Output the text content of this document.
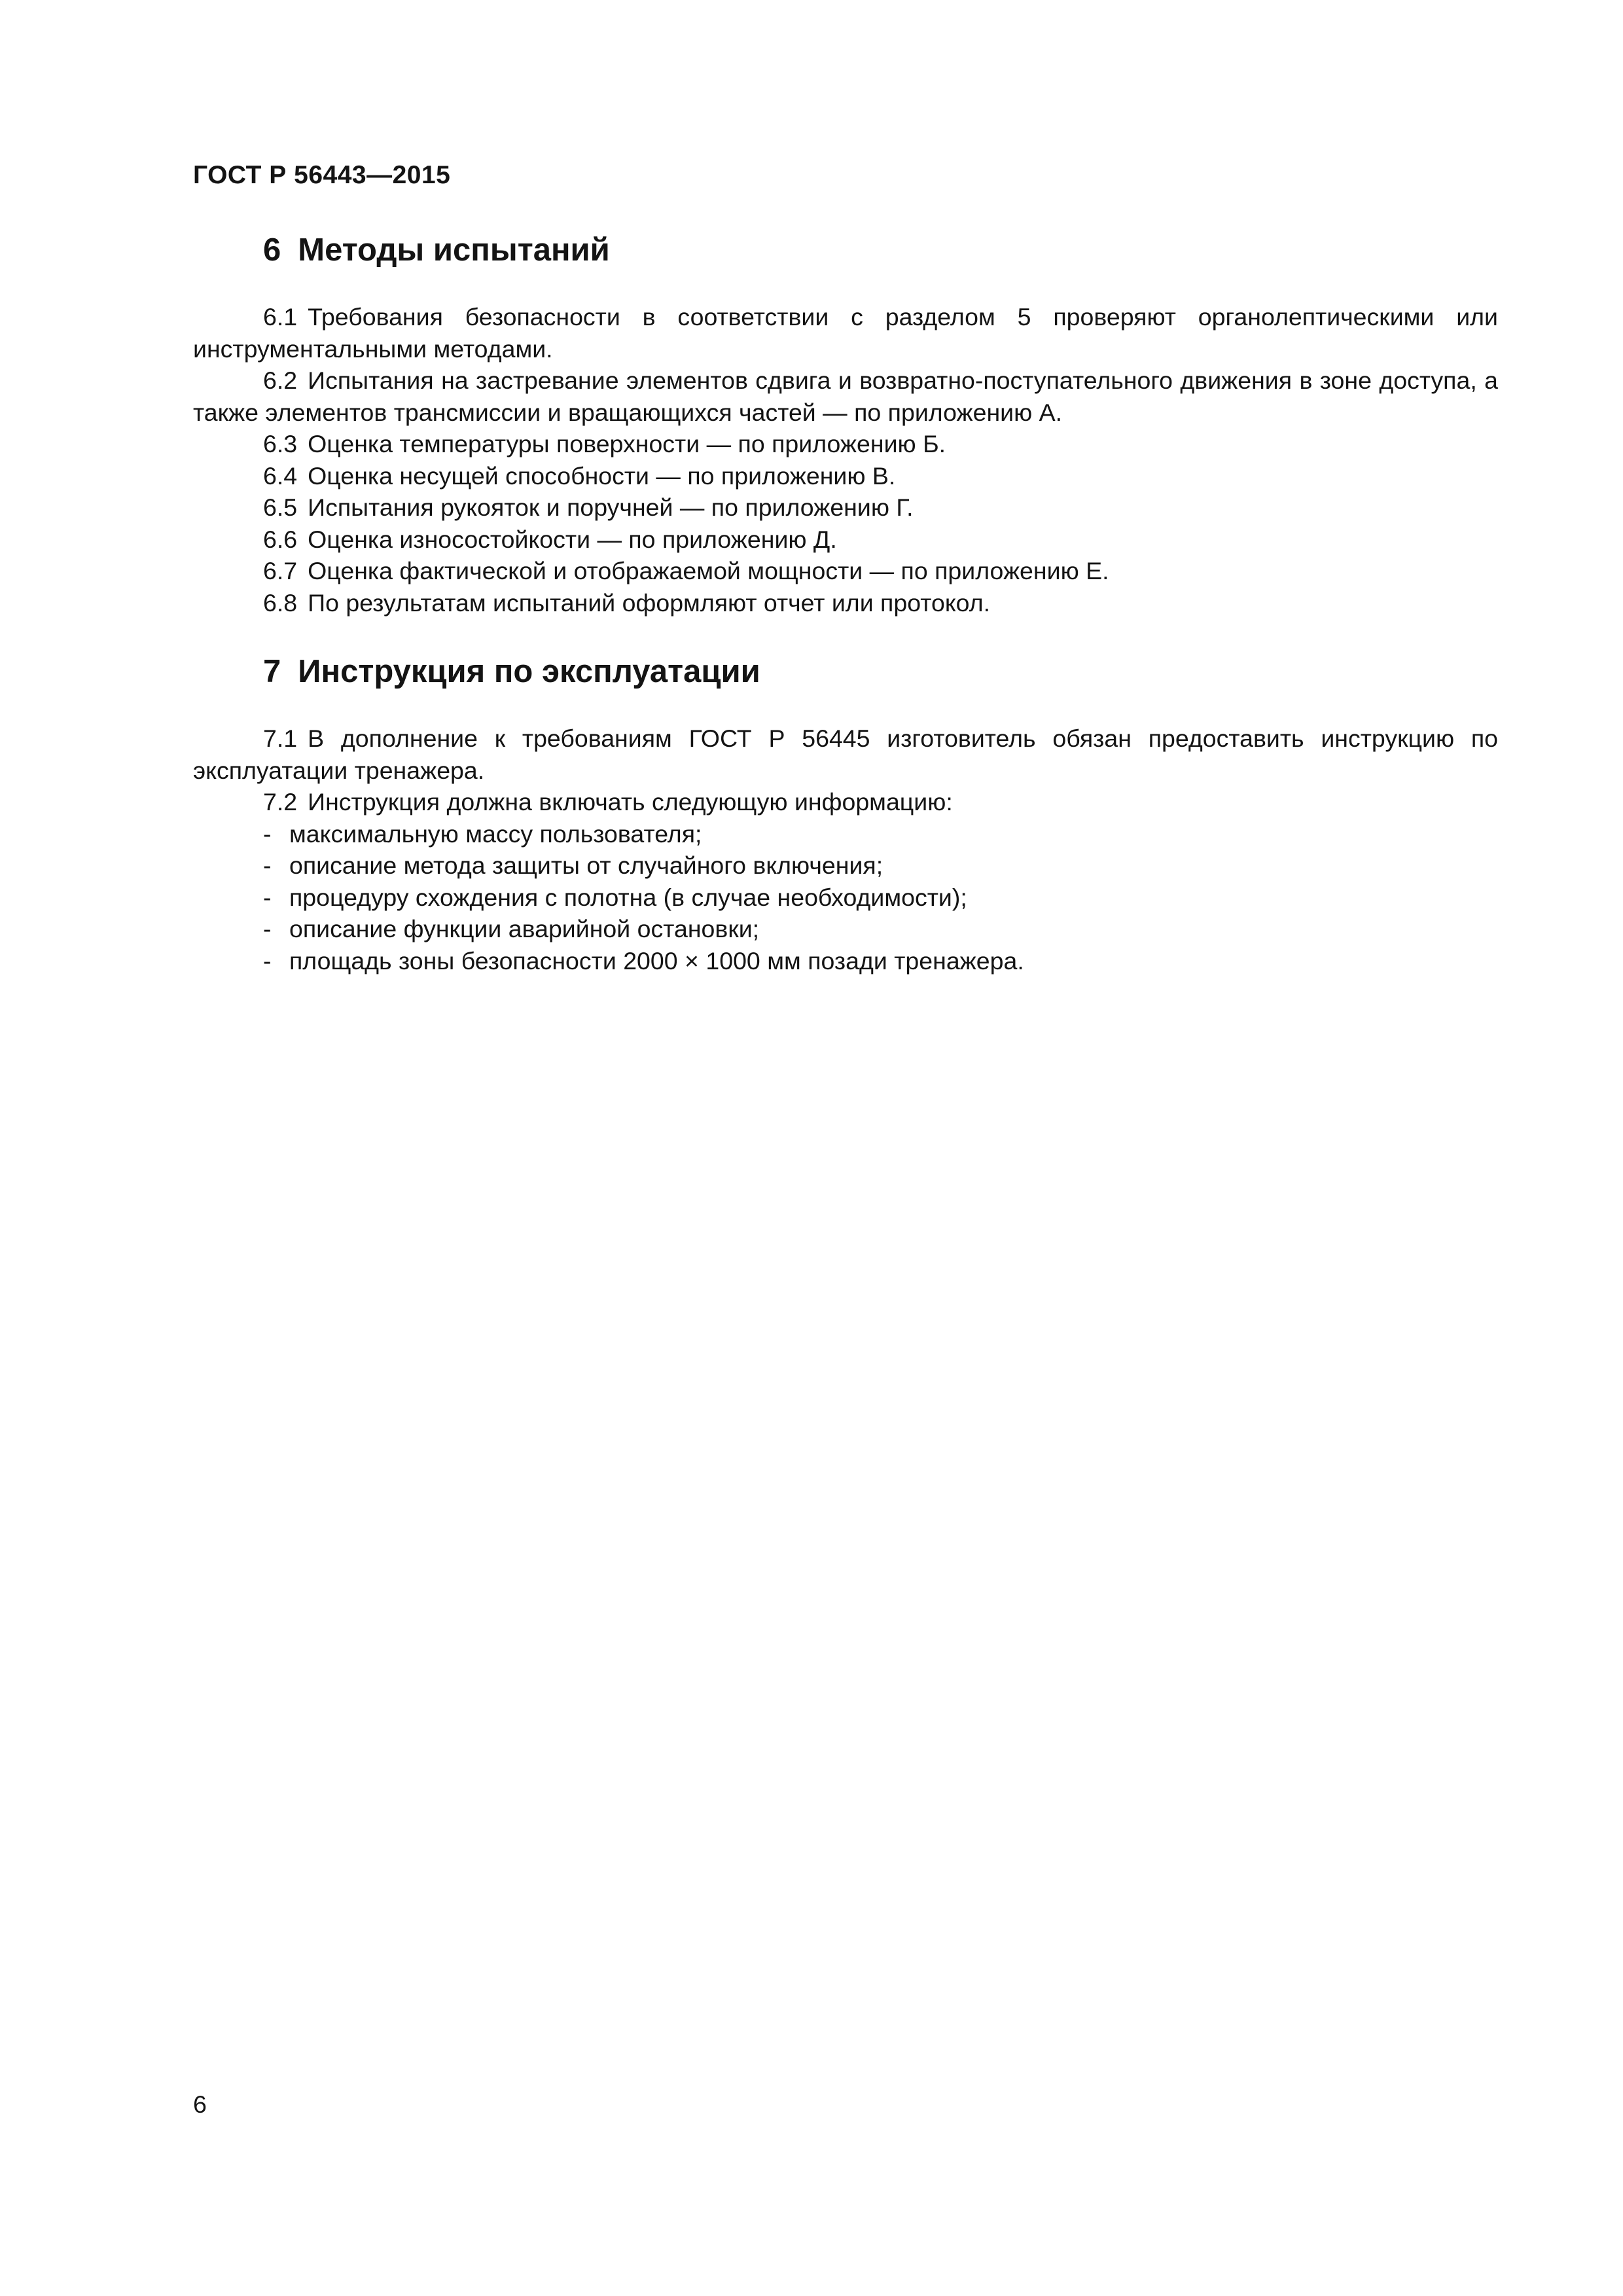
ГОСТ Р 56443—2015
6 Методы испытаний

6.1 Требования безопасности в соответствии с разделом 5 проверяют органолептическими или инструментальными методами.

6.2 Испытания на застревание элементов сдвига и возвратно-поступательного движения в зоне доступа, а также элементов трансмиссии и вращающихся частей — по приложению А.

6.3 Оценка температуры поверхности — по приложению Б.

6.4 Оценка несущей способности — по приложению В.

6.5 Испытания рукояток и поручней — по приложению Г.

6.6 Оценка износостойкости — по приложению Д.

6.7 Оценка фактической и отображаемой мощности — по приложению Е.

6.8 По результатам испытаний оформляют отчет или протокол.

7 Инструкция по эксплуатации

7.1 В дополнение к требованиям ГОСТ Р 56445 изготовитель обязан предоставить инструкцию по эксплуатации тренажера.

7.2 Инструкция должна включать следующую информацию:

- максимальную массу пользователя;

- описание метода защиты от случайного включения;

- процедуру схождения с полотна (в случае необходимости);

- описание функции аварийной остановки;

- площадь зоны безопасности 2000 × 1000 мм позади тренажера.

6
